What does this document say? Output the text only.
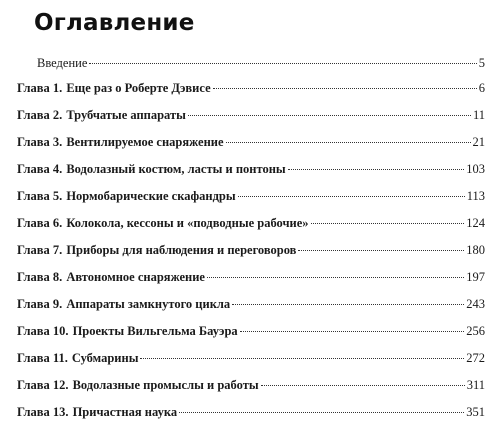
Оглавление
Введение	5
Глава 1. Еще раз о Роберте Дэвисе	6
Глава 2. Трубчатые аппараты	11
Глава 3. Вентилируемое снаряжение	21
Глава 4. Водолазный костюм, ласты и понтоны	103
Глава 5. Нормобарические скафандры	113
Глава 6. Колокола, кессоны и «подводные рабочие»	124
Глава 7. Приборы для наблюдения и переговоров	180
Глава 8. Автономное снаряжение	197
Глава 9. Аппараты замкнутого цикла	243
Глава 10. Проекты Вильгельма Бауэра	256
Глава 11. Субмарины	272
Глава 12. Водолазные промыслы и работы	311
Глава 13. Причастная наука	351
